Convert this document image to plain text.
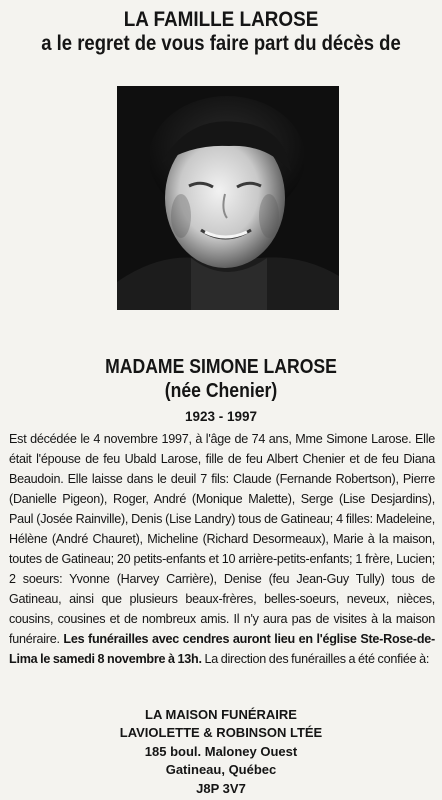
LA FAMILLE LAROSE
a le regret de vous faire part du décès de
MADAME SIMONE LAROSE
(née Chenier)
1923 - 1997
Est décédée le 4 novembre 1997, à l'âge de 74 ans, Mme Simone Larose. Elle était l'épouse de feu Ubald Larose, fille de feu Albert Chenier et de feu Diana Beaudoin. Elle laisse dans le deuil 7 fils: Claude (Fernande Robertson), Pierre (Danielle Pigeon), Roger, André (Monique Malette), Serge (Lise Desjardins), Paul (Josée Rainville), Denis (Lise Landry) tous de Gatineau; 4 filles: Madeleine, Hélène (André Chauret), Micheline (Richard Desormeaux), Marie à la maison, toutes de Gatineau; 20 petits-enfants et 10 arrière-petits-enfants; 1 frère, Lucien; 2 soeurs: Yvonne (Harvey Carrière), Denise (feu Jean-Guy Tully) tous de Gatineau, ainsi que plusieurs beaux-frères, belles-soeurs, neveux, nièces, cousins, cousines et de nombreux amis. Il n'y aura pas de visites à la maison funéraire. Les funérailles avec cendres auront lieu en l'église Ste-Rose-de-Lima le samedi 8 novembre à 13h. La direction des funérailles a été confiée à:
LA MAISON FUNÉRAIRE
LAVIOLETTE & ROBINSON LTÉE
185 boul. Maloney Ouest
Gatineau, Québec
J8P 3V7
